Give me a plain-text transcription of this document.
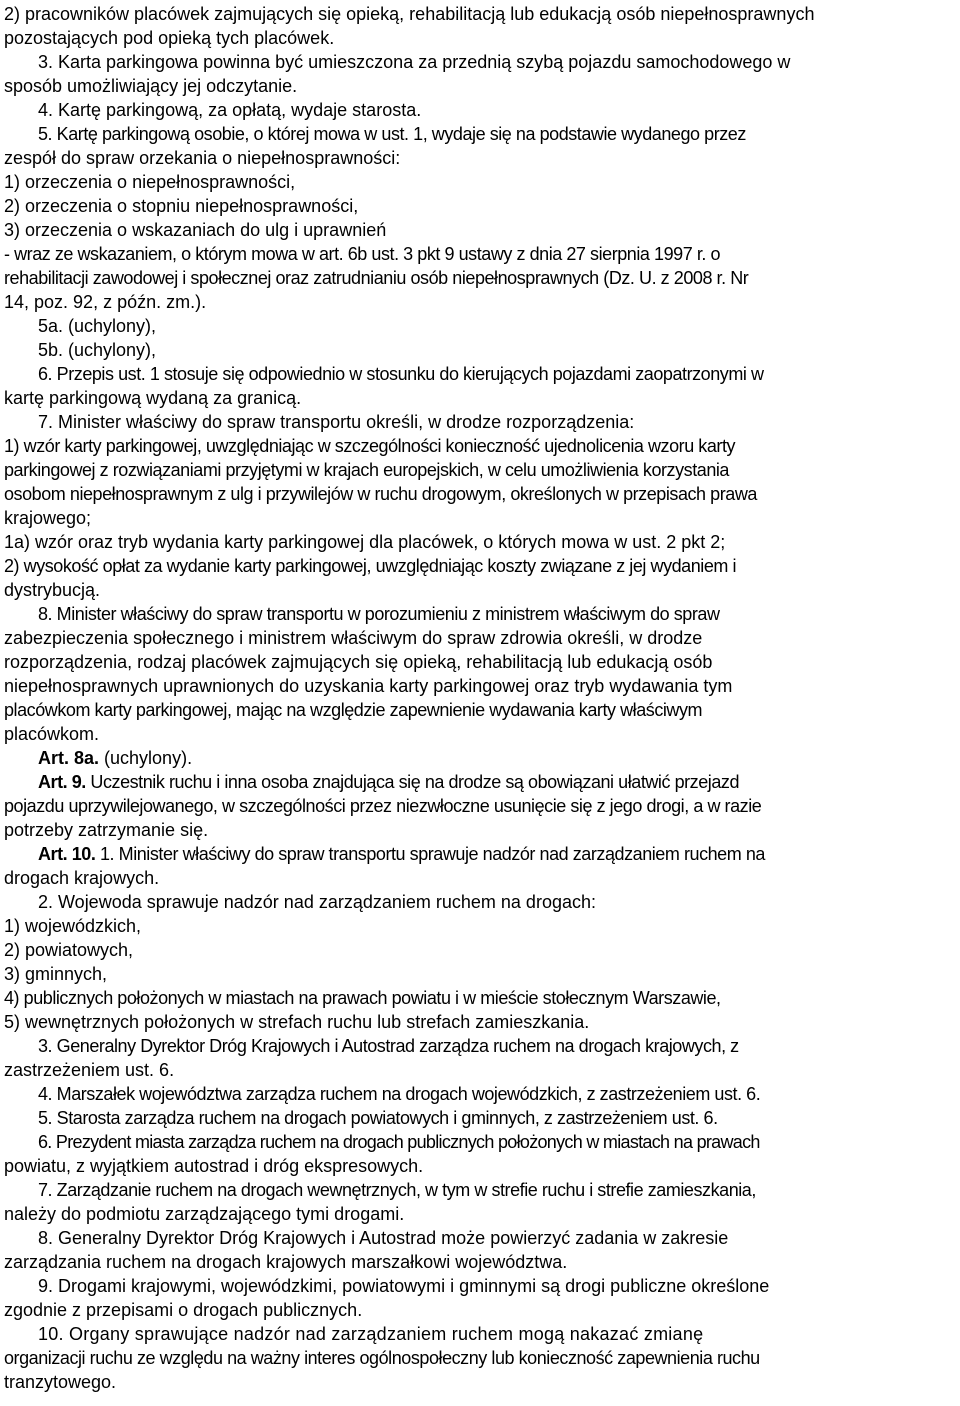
2) pracowników placówek zajmujących się opieką, rehabilitacją lub edukacją osób niepełnosprawnych
pozostających pod opieką tych placówek.
3. Karta parkingowa powinna być umieszczona za przednią szybą pojazdu samochodowego w
sposób umożliwiający jej odczytanie.
4. Kartę parkingową, za opłatą, wydaje starosta.
5. Kartę parkingową osobie, o której mowa w ust. 1, wydaje się na podstawie wydanego przez
zespół do spraw orzekania o niepełnosprawności:
1) orzeczenia o niepełnosprawności,
2) orzeczenia o stopniu niepełnosprawności,
3) orzeczenia o wskazaniach do ulg i uprawnień
- wraz ze wskazaniem, o którym mowa w art. 6b ust. 3 pkt 9 ustawy z dnia 27 sierpnia 1997 r. o
rehabilitacji zawodowej i społecznej oraz zatrudnianiu osób niepełnosprawnych (Dz. U. z 2008 r. Nr
14, poz. 92, z późn. zm.).
5a. (uchylony),
5b. (uchylony),
6. Przepis ust. 1 stosuje się odpowiednio w stosunku do kierujących pojazdami zaopatrzonymi w
kartę parkingową wydaną za granicą.
7. Minister właściwy do spraw transportu określi, w drodze rozporządzenia:
1) wzór karty parkingowej, uwzględniając w szczególności konieczność ujednolicenia wzoru karty
parkingowej z rozwiązaniami przyjętymi w krajach europejskich, w celu umożliwienia korzystania
osobom niepełnosprawnym z ulg i przywilejów w ruchu drogowym, określonych w przepisach prawa
krajowego;
1a) wzór oraz tryb wydania karty parkingowej dla placówek, o których mowa w ust. 2 pkt 2;
2) wysokość opłat za wydanie karty parkingowej, uwzględniając koszty związane z jej wydaniem i
dystrybucją.
8. Minister właściwy do spraw transportu w porozumieniu z ministrem właściwym do spraw
zabezpieczenia społecznego i ministrem właściwym do spraw zdrowia określi, w drodze
rozporządzenia, rodzaj placówek zajmujących się opieką, rehabilitacją lub edukacją osób
niepełnosprawnych uprawnionych do uzyskania karty parkingowej oraz tryb wydawania tym
placówkom karty parkingowej, mając na względzie zapewnienie wydawania karty właściwym
placówkom.
Art. 8a. (uchylony).
Art. 9. Uczestnik ruchu i inna osoba znajdująca się na drodze są obowiązani ułatwić przejazd
pojazdu uprzywilejowanego, w szczególności przez niezwłoczne usunięcie się z jego drogi, a w razie
potrzeby zatrzymanie się.
Art. 10. 1. Minister właściwy do spraw transportu sprawuje nadzór nad zarządzaniem ruchem na
drogach krajowych.
2. Wojewoda sprawuje nadzór nad zarządzaniem ruchem na drogach:
1) wojewódzkich,
2) powiatowych,
3) gminnych,
4) publicznych położonych w miastach na prawach powiatu i w mieście stołecznym Warszawie,
5) wewnętrznych położonych w strefach ruchu lub strefach zamieszkania.
3. Generalny Dyrektor Dróg Krajowych i Autostrad zarządza ruchem na drogach krajowych, z
zastrzeżeniem ust. 6.
4. Marszałek województwa zarządza ruchem na drogach wojewódzkich, z zastrzeżeniem ust. 6.
5. Starosta zarządza ruchem na drogach powiatowych i gminnych, z zastrzeżeniem ust. 6.
6. Prezydent miasta zarządza ruchem na drogach publicznych położonych w miastach na prawach
powiatu, z wyjątkiem autostrad i dróg ekspresowych.
7. Zarządzanie ruchem na drogach wewnętrznych, w tym w strefie ruchu i strefie zamieszkania,
należy do podmiotu zarządzającego tymi drogami.
8. Generalny Dyrektor Dróg Krajowych i Autostrad może powierzyć zadania w zakresie
zarządzania ruchem na drogach krajowych marszałkowi województwa.
9. Drogami krajowymi, wojewódzkimi, powiatowymi i gminnymi są drogi publiczne określone
zgodnie z przepisami o drogach publicznych.
10. Organy sprawujące nadzór nad zarządzaniem ruchem mogą nakazać zmianę
organizacji ruchu ze względu na ważny interes ogólnospołeczny lub konieczność zapewnienia ruchu
tranzytowego.
